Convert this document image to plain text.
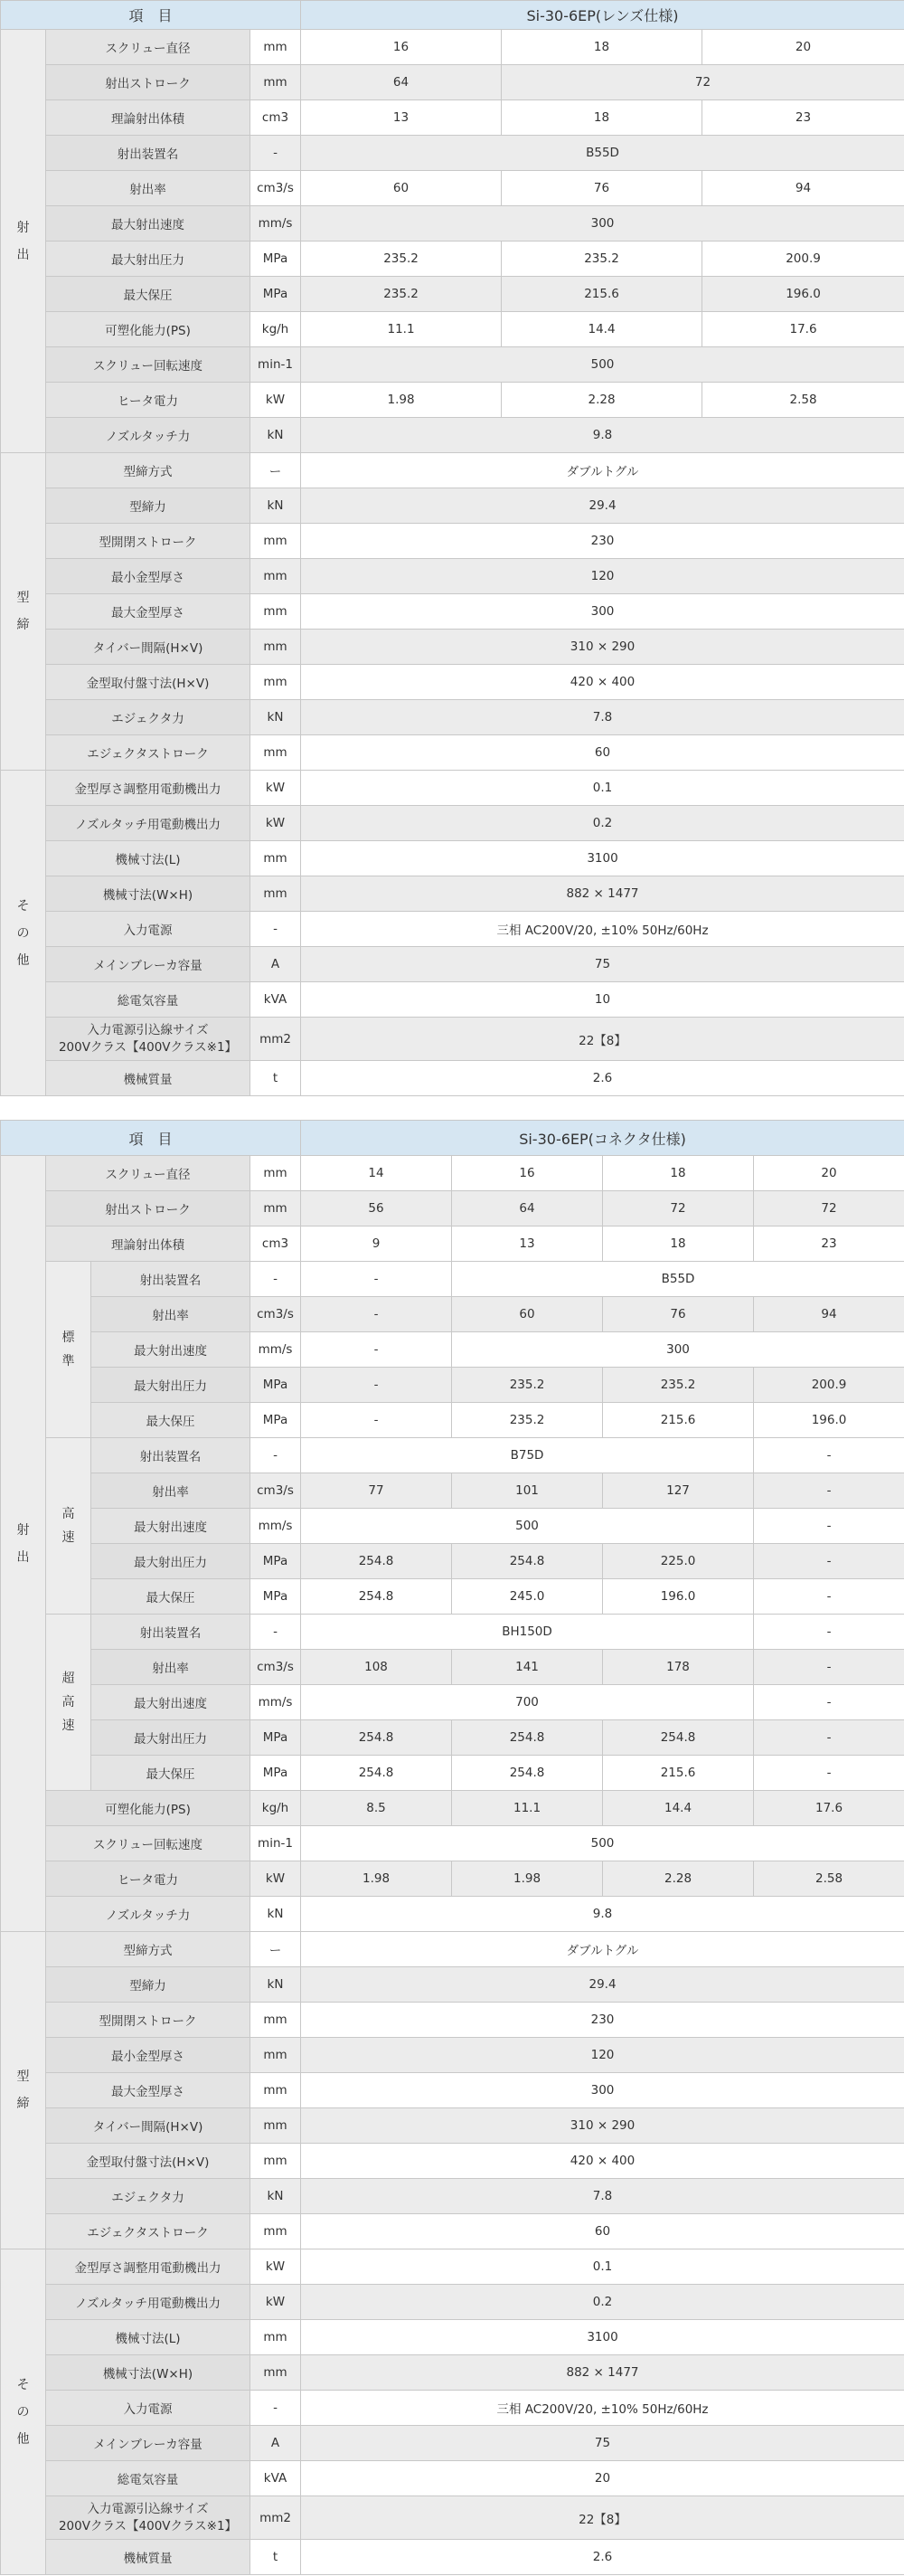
項　目			Si-30-6EP(レンズ仕様)		
射出	スクリュー直径	mm	16	18	20
	射出ストローク	mm	64	72	
	理論射出体積	cm3	13	18	23
	射出装置名	-	B55D		
	射出率	cm3/s	60	76	94
	最大射出速度	mm/s	300		
	最大射出圧力	MPa	235.2	235.2	200.9
	最大保圧	MPa	235.2	215.6	196.0
	可塑化能力(PS)	kg/h	11.1	14.4	17.6
	スクリュー回転速度	min-1	500		
	ヒータ電力	kW	1.98	2.28	2.58
	ノズルタッチ力	kN	9.8		
型締	型締方式	ー	ダブルトグル		
	型締力	kN	29.4		
	型開閉ストローク	mm	230		
	最小金型厚さ	mm	120		
	最大金型厚さ	mm	300		
	タイバー間隔(H×V)	mm	310 × 290		
	金型取付盤寸法(H×V)	mm	420 × 400		
	エジェクタ力	kN	7.8		
	エジェクタストローク	mm	60		
その他	金型厚さ調整用電動機出力	kW	0.1		
	ノズルタッチ用電動機出力	kW	0.2		
	機械寸法(L)	mm	3100		
	機械寸法(W×H)	mm	882 × 1477		
	入力電源	-	三相 AC200V/20, ±10% 50Hz/60Hz		
	メインブレーカ容量	A	75		
	総電気容量	kVA	10		
	入力電源引込線サイズ
200Vクラス【400Vクラス※1】	mm2	22【8】		
	機械質量	t	2.6		
項　目				Si-30-6EP(コネクタ仕様)			
射出	スクリュー直径		mm	14	16	18	20
	射出ストローク		mm	56	64	72	72
	理論射出体積		cm3	9	13	18	23
	標準	射出装置名	-	-	B55D		
		射出率	cm3/s	-	60	76	94
		最大射出速度	mm/s	-	300		
		最大射出圧力	MPa	-	235.2	235.2	200.9
		最大保圧	MPa	-	235.2	215.6	196.0
	高速	射出装置名	-	B75D			-
		射出率	cm3/s	77	101	127	-
		最大射出速度	mm/s	500			-
		最大射出圧力	MPa	254.8	254.8	225.0	-
		最大保圧	MPa	254.8	245.0	196.0	-
	超高速	射出装置名	-	BH150D			-
		射出率	cm3/s	108	141	178	-
		最大射出速度	mm/s	700			-
		最大射出圧力	MPa	254.8	254.8	254.8	-
		最大保圧	MPa	254.8	254.8	215.6	-
	可塑化能力(PS)		kg/h	8.5	11.1	14.4	17.6
	スクリュー回転速度		min-1	500			
	ヒータ電力		kW	1.98	1.98	2.28	2.58
	ノズルタッチ力		kN	9.8			
型締	型締方式		ー	ダブルトグル			
	型締力		kN	29.4			
	型開閉ストローク		mm	230			
	最小金型厚さ		mm	120			
	最大金型厚さ		mm	300			
	タイバー間隔(H×V)		mm	310 × 290			
	金型取付盤寸法(H×V)		mm	420 × 400			
	エジェクタ力		kN	7.8			
	エジェクタストローク		mm	60			
その他	金型厚さ調整用電動機出力		kW	0.1			
	ノズルタッチ用電動機出力		kW	0.2			
	機械寸法(L)		mm	3100			
	機械寸法(W×H)		mm	882 × 1477			
	入力電源		-	三相 AC200V/20, ±10% 50Hz/60Hz			
	メインブレーカ容量		A	75			
	総電気容量		kVA	20			
	入力電源引込線サイズ
200Vクラス【400Vクラス※1】		mm2	22【8】			
	機械質量		t	2.6			
